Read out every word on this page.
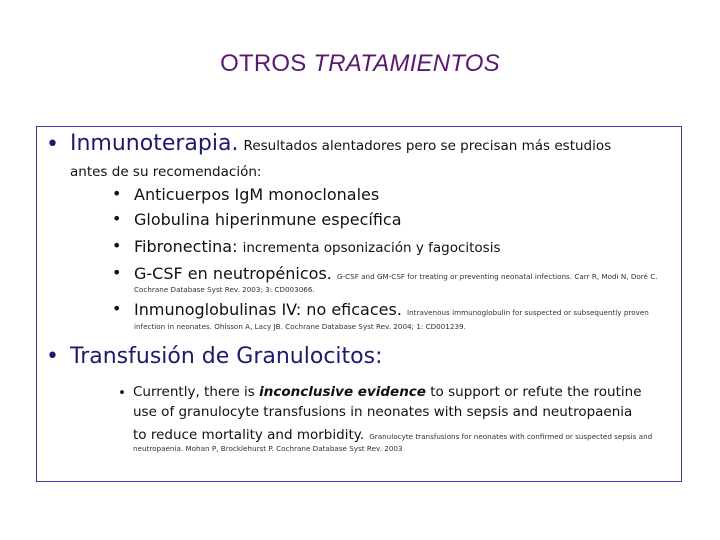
OTROS TRATAMIENTOS
• Inmunoterapia. Resultados alentadores pero se precisan más estudios
antes de su recomendación:
• Anticuerpos IgM monoclonales
• Globulina hiperinmune específica
• Fibronectina: incrementa opsonización y fagocitosis
• G-CSF en neutropénicos. G-CSF and GM-CSF for treating or preventing neonatal infections. Carr R, Modi N, Doré C.
Cochrane Database Syst Rev. 2003; 3: CD003066.
• Inmunoglobulinas IV: no eficaces. Intravenous immunoglobulin for suspected or subsequently proven
infection in neonates. Ohlsson A, Lacy JB. Cochrane Database Syst Rev. 2004; 1: CD001239.
• Transfusión de Granulocitos:
• Currently, there is inconclusive evidence to support or refute the routine
use of granulocyte transfusions in neonates with sepsis and neutropaenia
to reduce mortality and morbidity. Granulocyte transfusions for neonates with confirmed or suspected sepsis and
neutropaenia. Mohan P, Brocklehurst P. Cochrane Database Syst Rev. 2003
